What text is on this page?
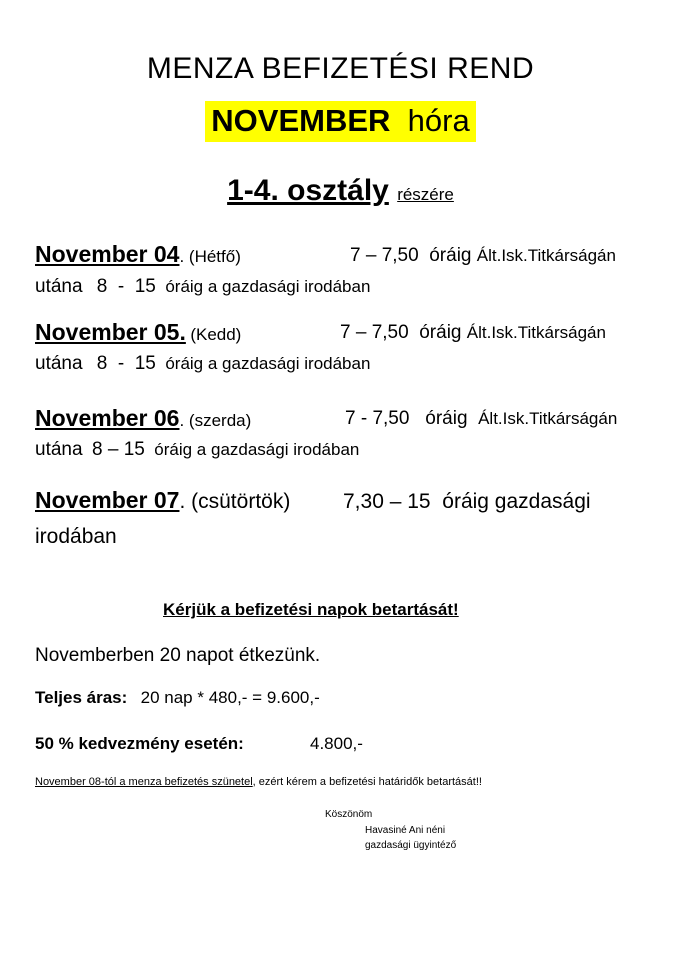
MENZA BEFIZETÉSI REND
NOVEMBER hóra
1-4. osztály részére
November 04. (Hétfő)	7 – 7,50 óráig Ált.Isk.Titkárságán
utána 8  -  15 óráig a gazdasági irodában
November 05. (Kedd)	7 – 7,50 óráig Ált.Isk.Titkárságán
utána 8  -  15 óráig a gazdasági irodában
November 06. (szerda)	7 - 7,50 óráig Ált.Isk.Titkárságán
utána 8 – 15 óráig a gazdasági irodában
November 07. (csütörtök)	7,30 – 15 óráig gazdasági
irodában
Kérjük a befizetési napok betartását!
Novemberben 20 napot étkezünk.
Teljes áras: 20 nap * 480,- = 9.600,-
50 % kedvezmény esetén:	4.800,-
November 08-tól a menza befizetés szünetel, ezért kérem a befizetési határidők betartását!!
Köszönöm
Havasiné Ani néni
gazdasági ügyintéző
